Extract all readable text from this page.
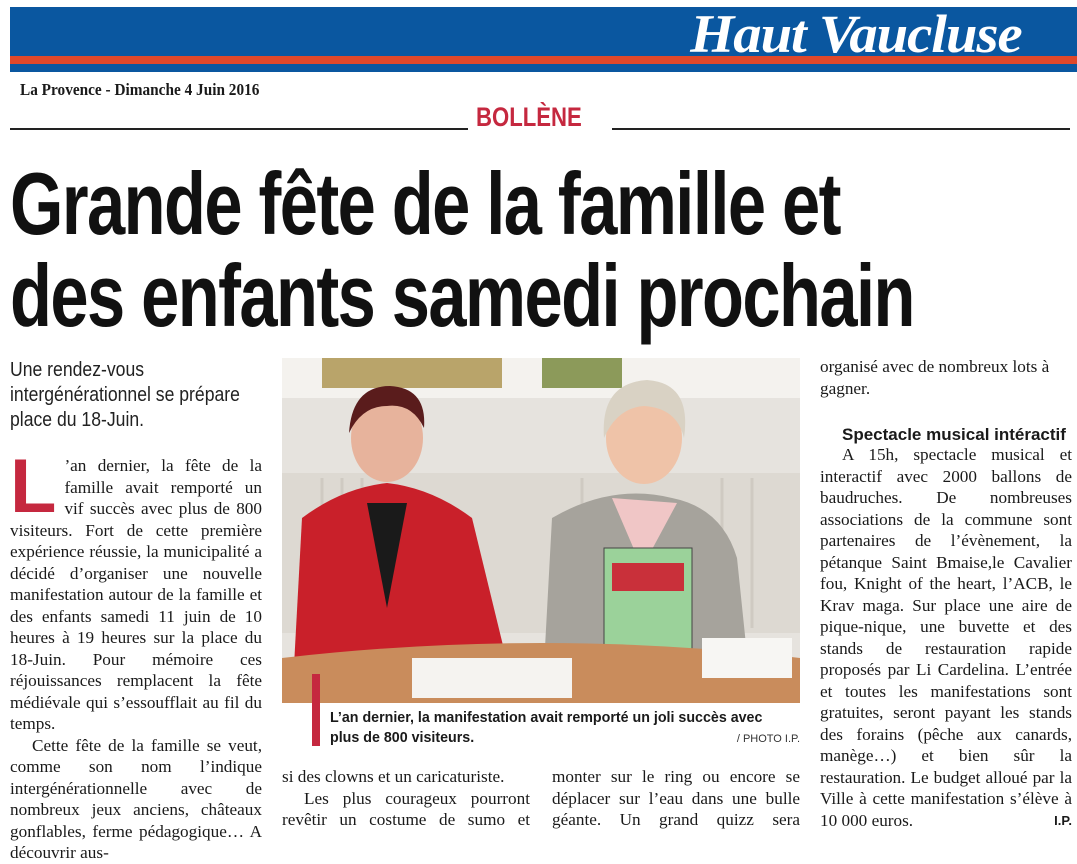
Haut Vaucluse
La Provence - Dimanche 4 Juin 2016
BOLLÈNE
Grande fête de la famille et
des enfants samedi prochain
Une rendez-vous intergénérationnel se prépare place du 18-Juin.

L ’an dernier, la fête de la famille avait remporté un vif succès avec plus de 800 visiteurs. Fort de cette première expérience réussie, la municipalité a décidé d’organiser une nouvelle manifestation autour de la famille et des enfants samedi 11 juin de 10 heures à 19 heures sur la place du 18-Juin. Pour mémoire ces réjouissances remplacent la fête médiévale qui s’essoufflait au fil du temps.

Cette fête de la famille se veut, comme son nom l’indique intergénérationnelle avec de nombreux jeux anciens, châteaux gonflables, ferme pédagogique… A découvrir aus-

L’an dernier, la manifestation avait remporté un joli succès avec plus de 800 visiteurs.	/ PHOTO I.P.

si des clowns et un caricaturiste.

Les plus courageux pourront revêtir un costume de sumo et

monter sur le ring ou encore se déplacer sur l’eau dans une bulle géante. Un grand quizz sera

organisé avec de nombreux lots à gagner.

Spectacle musical intéractif

A 15h, spectacle musical et interactif avec 2000 ballons de baudruches. De nombreuses associations de la commune sont partenaires de l’évènement, la pétanque Saint Bmaise,le Cavalier fou, Knight of the heart, l’ACB, le Krav maga. Sur place une aire de pique-nique, une buvette et des stands de restauration rapide proposés par Li Cardelina. L’entrée et toutes les manifestations sont gratuites, seront payant les stands des forains (pêche aux canards, manège…) et bien sûr la restauration. Le budget alloué par la Ville à cette manifestation s’élève à 10 000 euros.	I.P.
